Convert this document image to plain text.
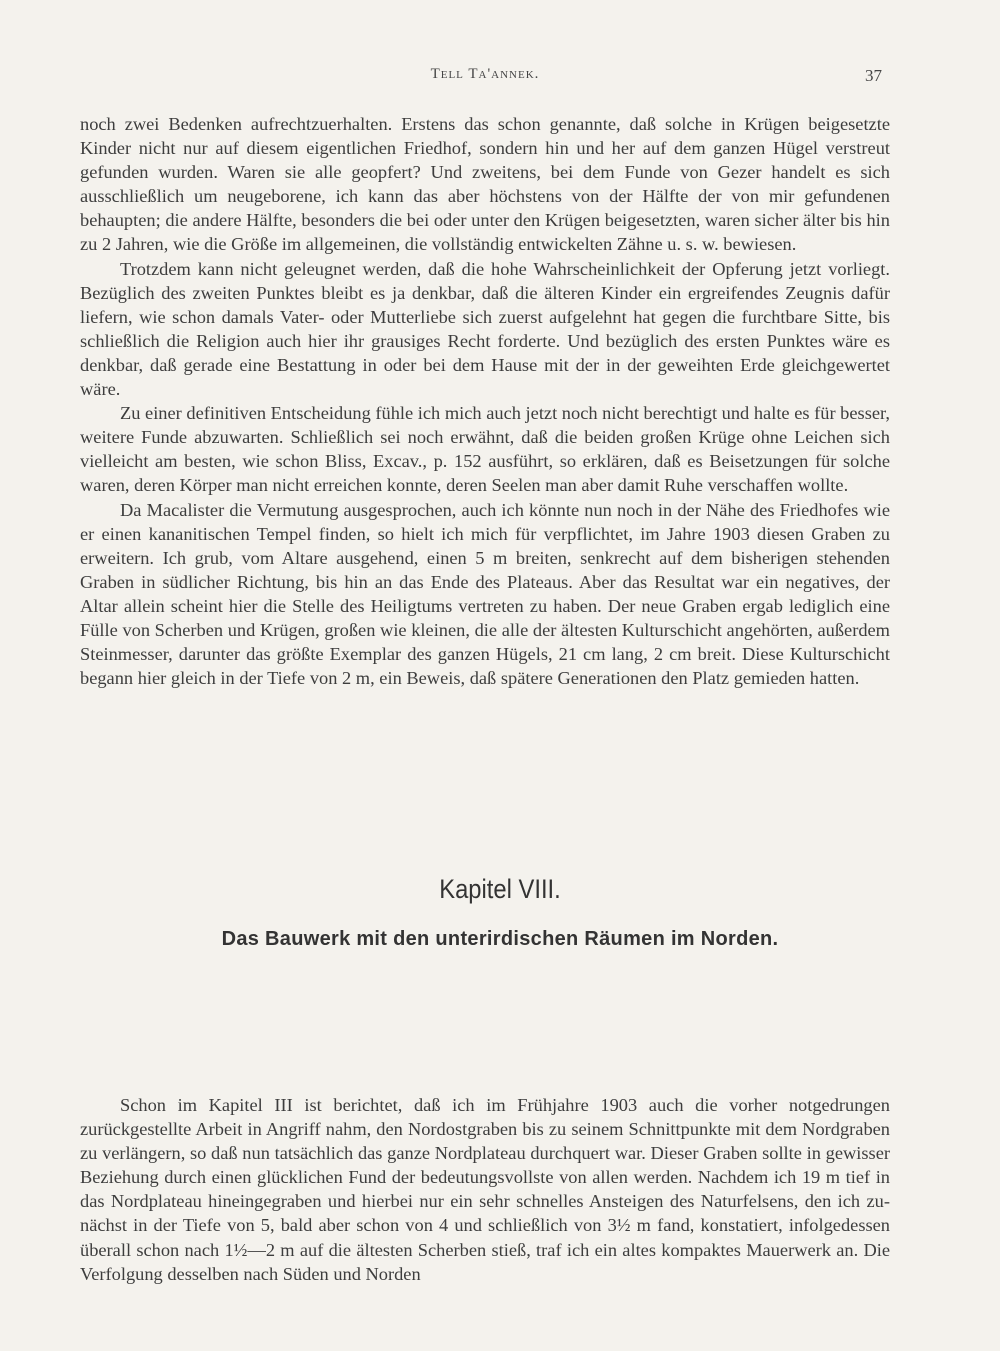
Tell Ta'annek.	37

noch zwei Bedenken aufrechtzuerhalten. Erstens das schon genannte, daß solche in Krügen beigesetzte Kinder nicht nur auf diesem eigentlichen Friedhof, sondern hin und her auf dem ganzen Hügel verstreut gefunden wurden. Waren sie alle geopfert? Und zweitens, bei dem Funde von Gezer handelt es sich ausschließlich um neugeborene, ich kann das aber höchstens von der Hälfte der von mir gefundenen behaupten; die andere Hälfte, besonders die bei oder unter den Krügen beigesetzten, waren sicher älter bis hin zu 2 Jahren, wie die Größe im allgemeinen, die vollständig entwickelten Zähne u. s. w. bewiesen.

Trotzdem kann nicht geleugnet werden, daß die hohe Wahrscheinlichkeit der Opferung jetzt vorliegt. Bezüglich des zweiten Punktes bleibt es ja denkbar, daß die älteren Kinder ein ergreifendes Zeugnis dafür liefern, wie schon damals Vater- oder Mutterliebe sich zuerst aufgelehnt hat gegen die furchtbare Sitte, bis schließlich die Religion auch hier ihr grausiges Recht forderte. Und bezüglich des ersten Punktes wäre es denkbar, daß gerade eine Bestattung in oder bei dem Hause mit der in der geweihten Erde gleichgewertet wäre.

Zu einer definitiven Entscheidung fühle ich mich auch jetzt noch nicht berechtigt und halte es für besser, weitere Funde abzuwarten. Schließlich sei noch erwähnt, daß die beiden großen Krüge ohne Leichen sich vielleicht am besten, wie schon Bliss, Excav., p. 152 ausführt, so erklären, daß es Beisetzungen für solche waren, deren Körper man nicht erreichen konnte, deren Seelen man aber damit Ruhe verschaffen wollte.

Da Macalister die Vermutung ausgesprochen, auch ich könnte nun noch in der Nähe des Friedhofes wie er einen kananitischen Tempel finden, so hielt ich mich für verpflichtet, im Jahre 1903 diesen Graben zu erweitern. Ich grub, vom Altare ausgehend, einen 5 m breiten, senkrecht auf dem bisherigen stehenden Graben in südlicher Richtung, bis hin an das Ende des Plateaus. Aber das Resultat war ein negatives, der Altar allein scheint hier die Stelle des Heiligtums vertreten zu haben. Der neue Graben ergab lediglich eine Fülle von Scherben und Krügen, großen wie kleinen, die alle der ältesten Kulturschicht angehörten, außerdem Steinmesser, darunter das größte Exemplar des ganzen Hügels, 21 cm lang, 2 cm breit. Diese Kulturschicht begann hier gleich in der Tiefe von 2 m, ein Beweis, daß spätere Generationen den Platz gemieden hatten.

Kapitel VIII.
Das Bauwerk mit den unterirdischen Räumen im Norden.

Schon im Kapitel III ist berichtet, daß ich im Frühjahre 1903 auch die vorher notgedrungen zurückgestellte Arbeit in Angriff nahm, den Nordostgraben bis zu seinem Schnittpunkte mit dem Nordgraben zu verlängern, so daß nun tatsächlich das ganze Nordplateau durchquert war. Dieser Graben sollte in gewisser Beziehung durch einen glücklichen Fund der bedeutungsvollste von allen werden. Nachdem ich 19 m tief in das Nordplateau hineingegraben und hierbei nur ein sehr schnelles Ansteigen des Naturfelsens, den ich zunächst in der Tiefe von 5, bald aber schon von 4 und schließlich von 3½ m fand, konstatiert, infolgedessen überall schon nach 1½—2 m auf die ältesten Scherben stieß, traf ich ein altes kompaktes Mauerwerk an. Die Verfolgung desselben nach Süden und Norden
